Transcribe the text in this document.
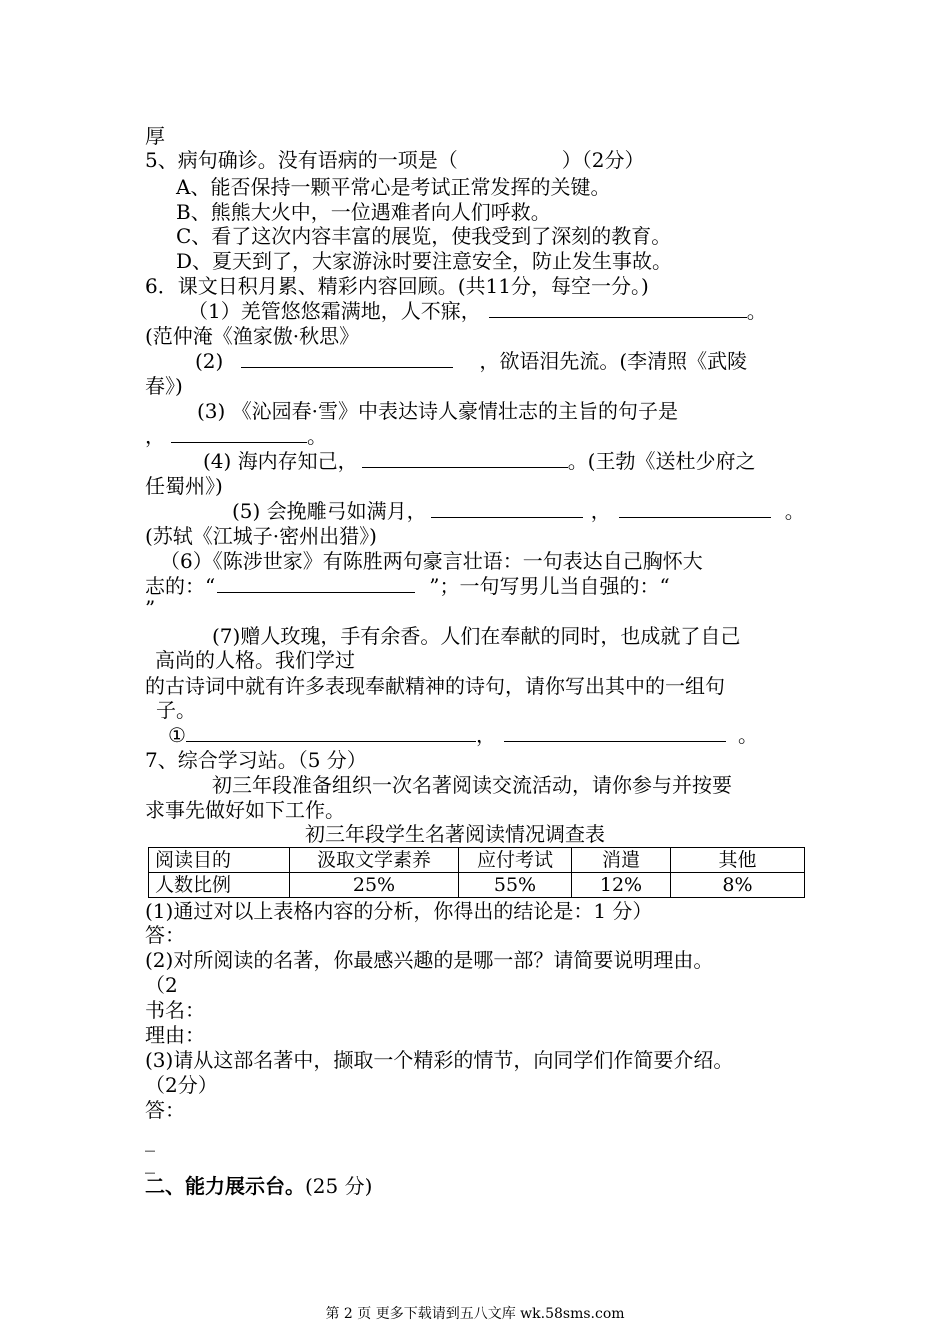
厚
5、病句确诊。没有语病的一项是（	）（2分）
A、能否保持一颗平常心是考试正常发挥的关键。
B、熊熊大火中，一位遇难者向人们呼救。
C、看了这次内容丰富的展览，使我受到了深刻的教育。
D、夏天到了，大家游泳时要注意安全，防止发生事故。
6．课文日积月累、精彩内容回顾。(共11分，每空一分。)
（1）羌管悠悠霜满地，人不寐，	。
(范仲淹《渔家傲·秋思》
(2)	，欲语泪先流。(李清照《武陵
春》)
(3) 《沁园春·雪》中表达诗人豪情壮志的主旨的句子是
，	。
(4) 海内存知己，	。(王勃《送杜少府之
任蜀州》)
(5) 会挽雕弓如满月，	，	。
(苏轼《江城子·密州出猎》)
（6）《陈涉世家》有陈胜两句豪言壮语：一句表达自己胸怀大
志的：“	”；一句写男儿当自强的：“
”
(7)赠人玫瑰，手有余香。人们在奉献的同时，也成就了自己
高尚的人格。我们学过
的古诗词中就有许多表现奉献精神的诗句，请你写出其中的一组句
子。
①	，	。
7、综合学习站。（5 分）
初三年段准备组织一次名著阅读交流活动，请你参与并按要
求事先做好如下工作。
初三年段学生名著阅读情况调查表
阅读目的	汲取文学素养	应付考试	消遣	其他
人数比例	25%	55%	12%	8%
(1)通过对以上表格内容的分析，你得出的结论是：1 分）
答：
(2)对所阅读的名著，你最感兴趣的是哪一部？请简要说明理由。
（2
书名：
理由：
(3)请从这部名著中，撷取一个精彩的情节，向同学们作简要介绍。
（2分）
答：
_
_
二、能力展示台。(25 分)
第 2 页 更多下载请到五八文库 wk.58sms.com
